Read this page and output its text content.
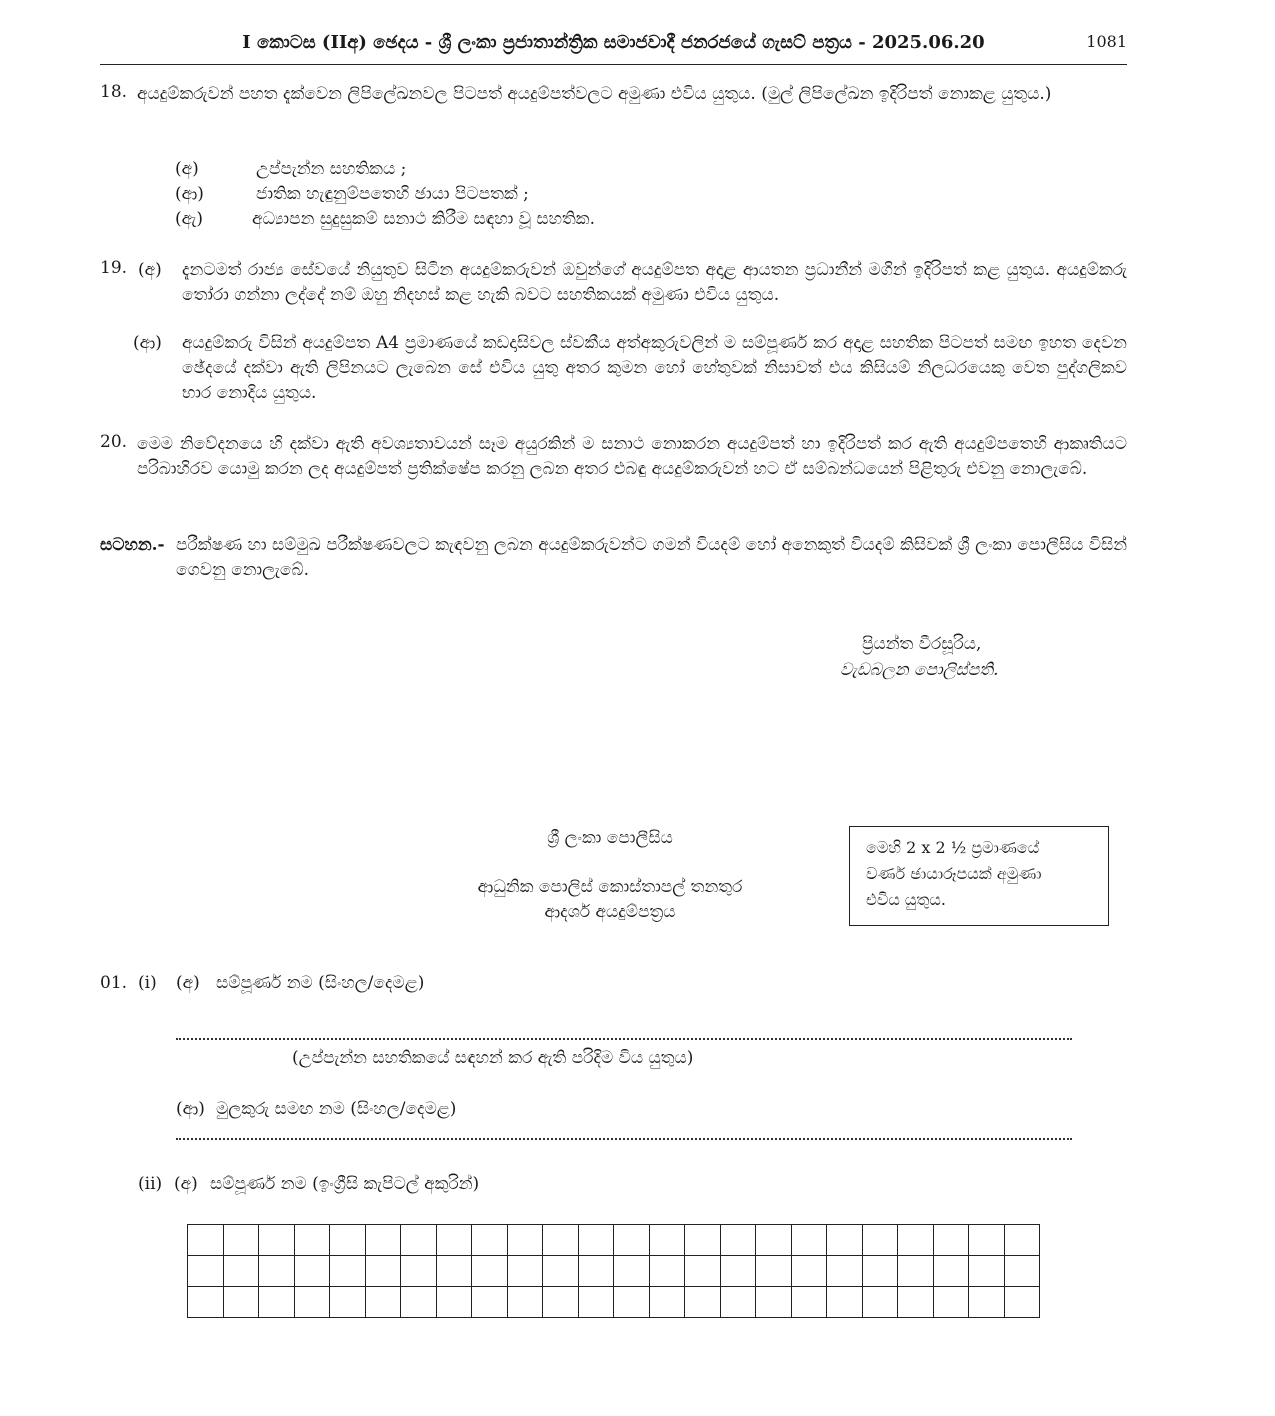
I කොටස (IIඅ) ඡෙදය - ශ්‍රී ලංකා ප්‍රජාතාන්ත්‍රික සමාජවාදී ජනරජයේ ගැසට් පත්‍රය - 2025.06.20	1081
18. අයදුම්කරුවන් පහත දැක්වෙන ලිපිලේඛනවල පිටපත් අයදුම්පත්වලට අමුණා එවිය යුතුය. (මුල් ලිපිලේඛන ඉදිරිපත් නොකළ යුතුය.)
(අ)	උප්පැන්න සහතිකය ;
(ආ)	ජාතික හැඳුනුම්පතෙහි ඡායා පිටපතක් ;
(ඇ)	අධ්‍යාපන සුදුසුකම් සනාථ කිරීම සඳහා වූ සහතික.
19. (අ) දැනටමත් රාජ්‍ය සේවයේ නියුතුව සිටින අයදුම්කරුවන් ඔවුන්ගේ අයදුම්පත අදාළ ආයතන ප්‍රධානීන් මගින් ඉදිරිපත් කළ යුතුය. අයදුම්කරු තෝරා ගන්නා ලද්දේ නම් ඔහු නිදහස් කළ හැකි බවට සහතිකයක් අමුණා එවිය යුතුය.
(ආ) අයදුම්කරු විසින් අයදුම්පත A4 ප්‍රමාණයේ කඩදාසිවල ස්වකීය අත්අකුරුවලින් ම සම්පූර්ණ කර අදාළ සහතික පිටපත් සමඟ ඉහත දෙවන ඡේදයේ දක්වා ඇති ලිපිනයට ලැබෙන සේ එවිය යුතු අතර කුමන හෝ හේතුවක් නිසාවත් එය කිසියම් නිලධරයෙකු වෙත පුද්ගලිකව භාර නොදිය යුතුය.
20. මෙම නිවේදනයෙ හි දක්වා ඇති අවශ්‍යතාවයන් සෑම අයුරකින් ම සනාථ නොකරන අයදුම්පත් හා ඉදිරිපත් කර ඇති අයදුම්පතෙහි ආකෘතියට පරිබාහිරව යොමු කරන ලද අයදුම්පත් ප්‍රතික්ෂේප කරනු ලබන අතර එබඳු අයදුම්කරුවන් හට ඒ සම්බන්ධයෙන් පිළිතුරු එවනු නොලැබේ.
සටහන.- පරීක්ෂණ හා සම්මුඛ පරීක්ෂණවලට කැඳවනු ලබන අයදුම්කරුවන්ට ගමන් වියදම් හෝ අනෙකුත් වියදම් කිසිවක් ශ්‍රී ලංකා පොලීසිය විසින් ගෙවනු නොලැබේ.
ප්‍රියන්ත වීරසූරිය,
වැඩබලන පොලිස්පති.
ශ්‍රී ලංකා පොලීසිය
ආධුනික පොලිස් කොස්තාපල් තනතුර
ආදර්ශ අයදුම්පත්‍රය
මෙහි 2 x 2 ½ ප්‍රමාණයේ
වර්ණ ඡායාරූපයක් අමුණා
එවිය යුතුය.
01. (i) (අ) සම්පූර්ණ නම (සිංහල/දෙමළ)
(උප්පැන්න සහතිකයේ සඳහන් කර ඇති පරිදිම විය යුතුය)
(ආ) මුලකුරු සමඟ නම (සිංහල/දෙමළ)
(ii) (අ) සම්පූර්ණ නම (ඉංග්‍රීසි කැපිටල් අකුරින්)
